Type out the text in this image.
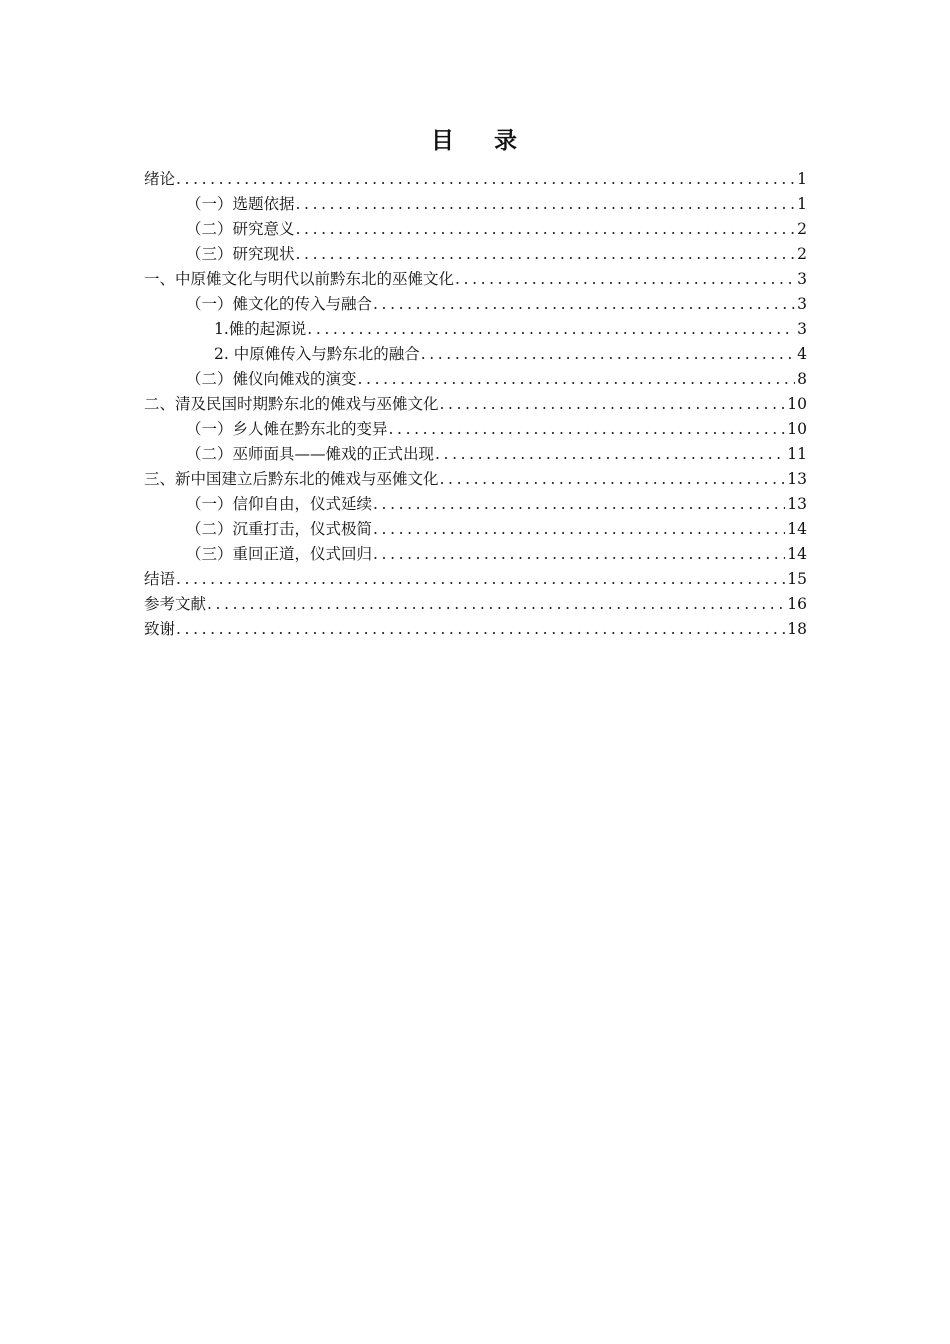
目 录
绪论 .....	1
（一）选题依据 .....	1
（二）研究意义 .....	2
（三）研究现状 .....	2
一、中原傩文化与明代以前黔东北的巫傩文化 .....	3
（一）傩文化的传入与融合 .....	3
1.傩的起源说 .....	3
2. 中原傩传入与黔东北的融合 .....	4
（二）傩仪向傩戏的演变 .....	8
二、清及民国时期黔东北的傩戏与巫傩文化 .....	10
（一）乡人傩在黔东北的变异 .....	10
（二）巫师面具——傩戏的正式出现 .....	11
三、新中国建立后黔东北的傩戏与巫傩文化 .....	13
（一）信仰自由，仪式延续 .....	13
（二）沉重打击，仪式极简 .....	14
（三）重回正道，仪式回归 .....	14
结语 .....	15
参考文献 .....	16
致谢 .....	18
